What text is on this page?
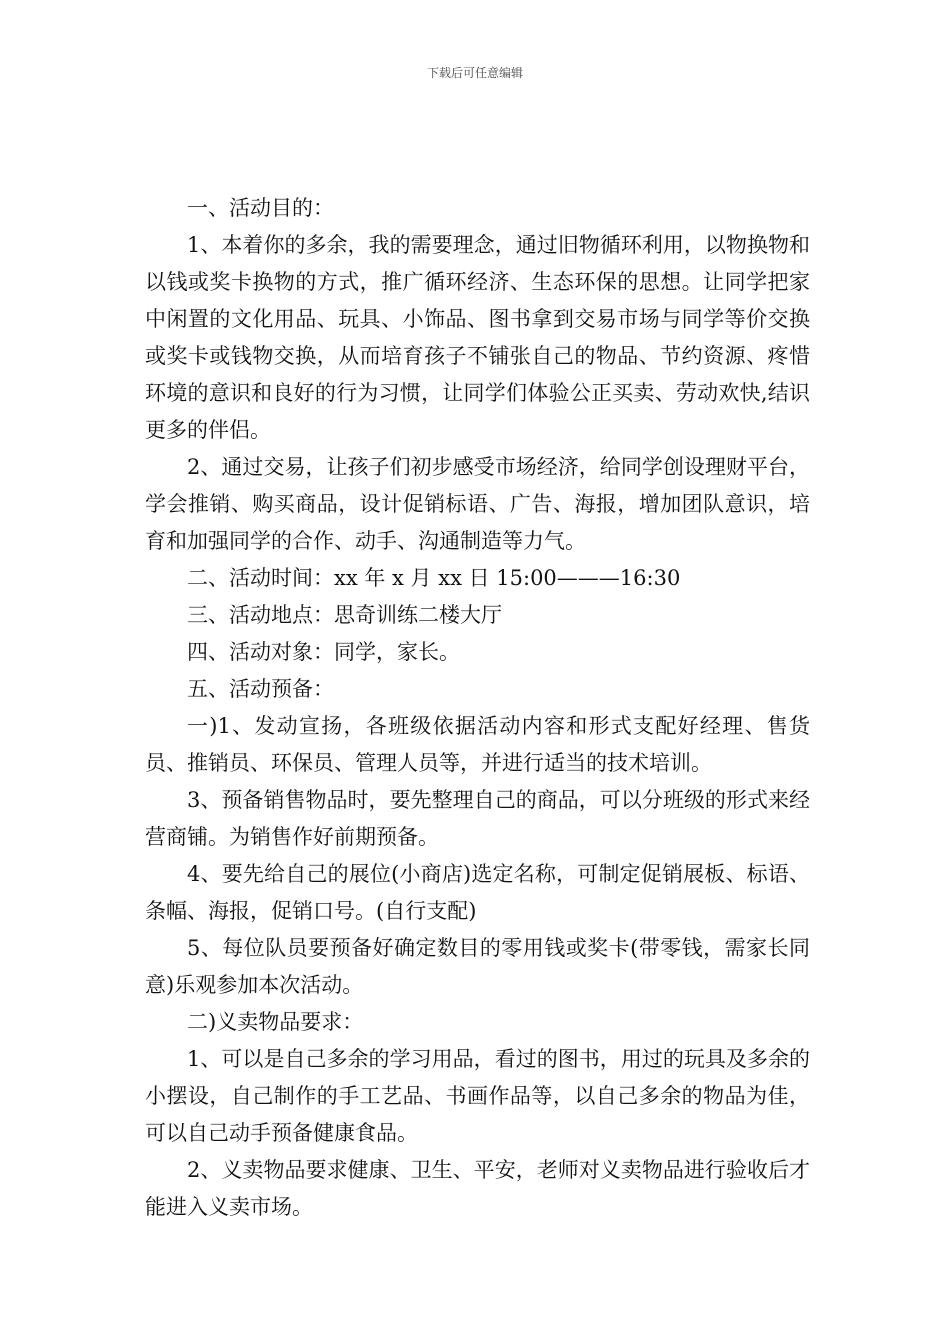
下载后可任意编辑

一、活动目的：

1、本着你的多余，我的需要理念，通过旧物循环利用，以物换物和以钱或奖卡换物的方式，推广循环经济、生态环保的思想。让同学把家中闲置的文化用品、玩具、小饰品、图书拿到交易市场与同学等价交换或奖卡或钱物交换，从而培育孩子不铺张自己的物品、节约资源、疼惜环境的意识和良好的行为习惯，让同学们体验公正买卖、劳动欢快,结识更多的伴侣。

2、通过交易，让孩子们初步感受市场经济，给同学创设理财平台，学会推销、购买商品，设计促销标语、广告、海报，增加团队意识，培育和加强同学的合作、动手、沟通制造等力气。

二、活动时间：xx 年 x 月 xx 日 15:00———16:30

三、活动地点：思奇训练二楼大厅

四、活动对象：同学，家长。

五、活动预备：

一)1、发动宣扬，各班级依据活动内容和形式支配好经理、售货员、推销员、环保员、管理人员等，并进行适当的技术培训。

3、预备销售物品时，要先整理自己的商品，可以分班级的形式来经营商铺。为销售作好前期预备。

4、要先给自己的展位(小商店)选定名称，可制定促销展板、标语、条幅、海报，促销口号。(自行支配)

5、每位队员要预备好确定数目的零用钱或奖卡(带零钱，需家长同意)乐观参加本次活动。

二)义卖物品要求：

1、可以是自己多余的学习用品，看过的图书，用过的玩具及多余的小摆设，自己制作的手工艺品、书画作品等，以自己多余的物品为佳，可以自己动手预备健康食品。

2、义卖物品要求健康、卫生、平安，老师对义卖物品进行验收后才能进入义卖市场。
